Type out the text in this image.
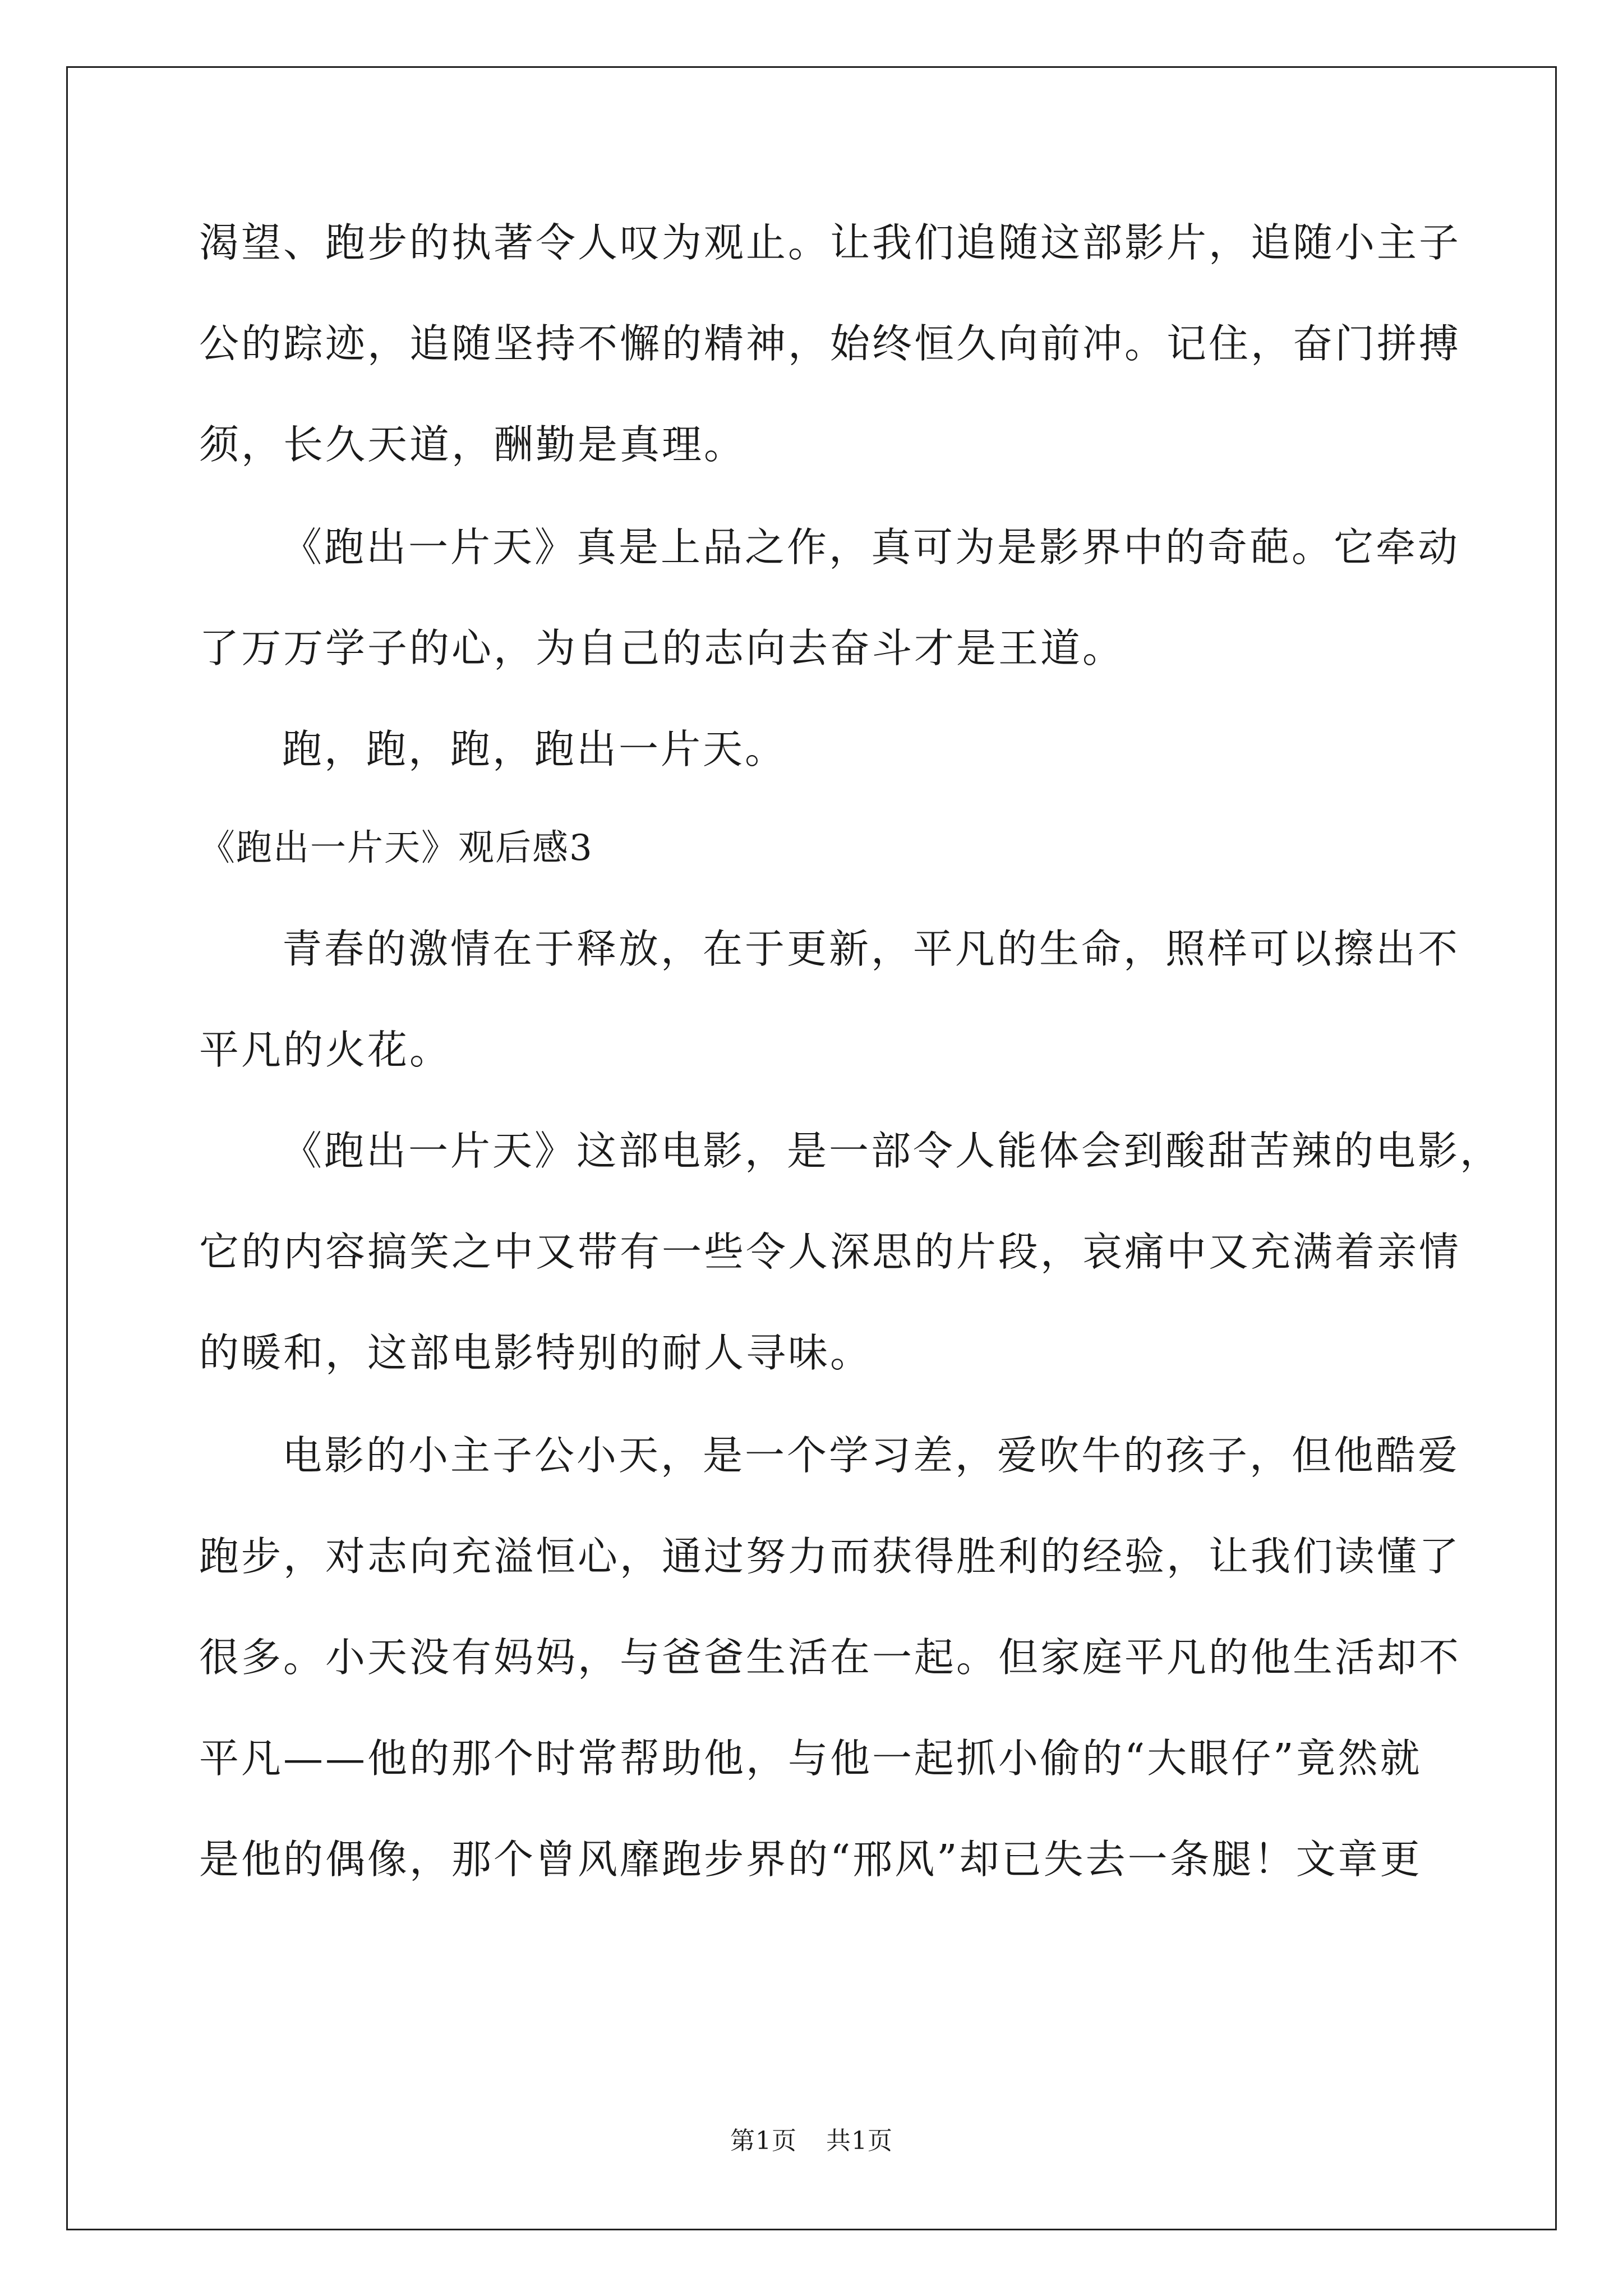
渴望、跑步的执著令人叹为观止。让我们追随这部影片，追随小主子
公的踪迹，追随坚持不懈的精神，始终恒久向前冲。记住，奋门拼搏
须，长久天道，酬勤是真理。
《跑出一片天》真是上品之作，真可为是影界中的奇葩。它牵动
了万万学子的心，为自己的志向去奋斗才是王道。
跑，跑，跑，跑出一片天。
《跑出一片天》观后感3
青春的激情在于释放，在于更新，平凡的生命，照样可以擦出不
平凡的火花。
《跑出一片天》这部电影，是一部令人能体会到酸甜苦辣的电影，
它的内容搞笑之中又带有一些令人深思的片段，哀痛中又充满着亲情
的暖和，这部电影特别的耐人寻味。
电影的小主子公小天，是一个学习差，爱吹牛的孩子，但他酷爱
跑步，对志向充溢恒心，通过努力而获得胜利的经验，让我们读懂了
很多。小天没有妈妈，与爸爸生活在一起。但家庭平凡的他生活却不
平凡——他的那个时常帮助他，与他一起抓小偷的“大眼仔”竟然就
是他的偶像，那个曾风靡跑步界的“邢风”却已失去一条腿！文章更
第1页 共1页
